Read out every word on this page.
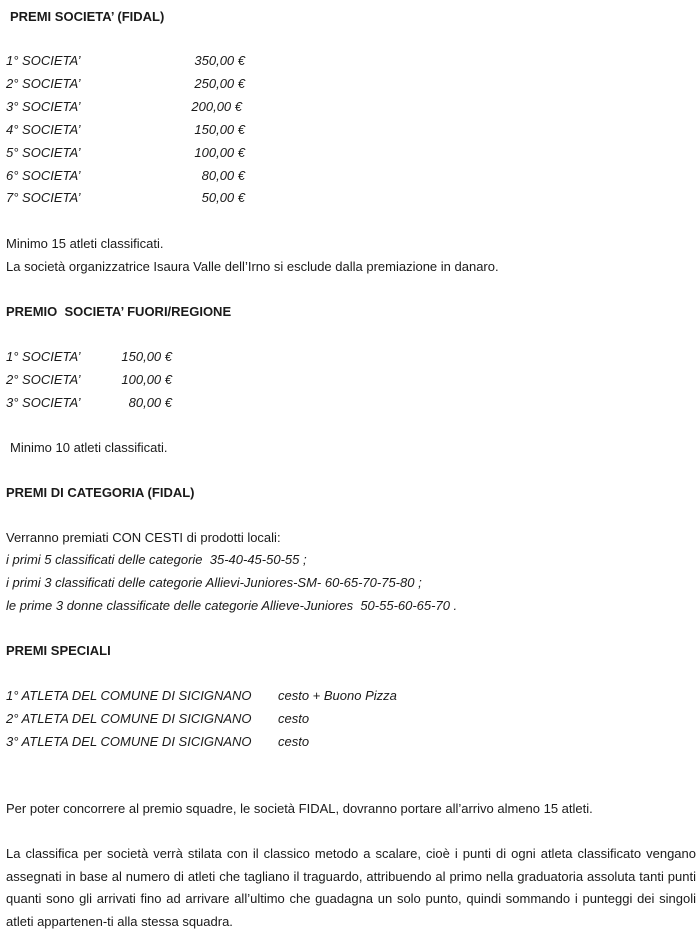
PREMI SOCIETA’ (FIDAL)
1° SOCIETA’	350,00 €
2° SOCIETA’	250,00 €
3° SOCIETA’	200,00 €
4° SOCIETA’	150,00 €
5° SOCIETA’	100,00 €
6° SOCIETA’	80,00 €
7° SOCIETA’	50,00 €
Minimo 15 atleti classificati.
La società organizzatrice Isaura Valle dell’Irno si esclude dalla premiazione in danaro.
PREMIO  SOCIETA’ FUORI/REGIONE
1° SOCIETA’	150,00 €
2° SOCIETA’	100,00 €
3° SOCIETA’	80,00 €
Minimo 10 atleti classificati.
PREMI DI CATEGORIA (FIDAL)
Verranno premiati CON CESTI di prodotti locali:
i primi 5 classificati delle categorie  35-40-45-50-55 ;
i primi 3 classificati delle categorie Allievi-Juniores-SM- 60-65-70-75-80 ;
le prime 3 donne classificate delle categorie Allieve-Juniores  50-55-60-65-70 .
PREMI SPECIALI
1° ATLETA DEL COMUNE DI SICIGNANO cesto + Buono Pizza
2° ATLETA DEL COMUNE DI SICIGNANO cesto
3° ATLETA DEL COMUNE DI SICIGNANO cesto
Per poter concorrere al premio squadre, le società FIDAL, dovranno portare all’arrivo almeno 15 atleti.
La classifica per società verrà stilata con il classico metodo a scalare, cioè i punti di ogni atleta classificato vengano assegnati in base al numero di atleti che tagliano il traguardo, attribuendo al primo nella graduatoria assoluta tanti punti quanti sono gli arrivati fino ad arrivare all’ultimo che guadagna un solo punto, quindi sommando i punteggi dei singoli atleti appartenen-ti alla stessa squadra.
